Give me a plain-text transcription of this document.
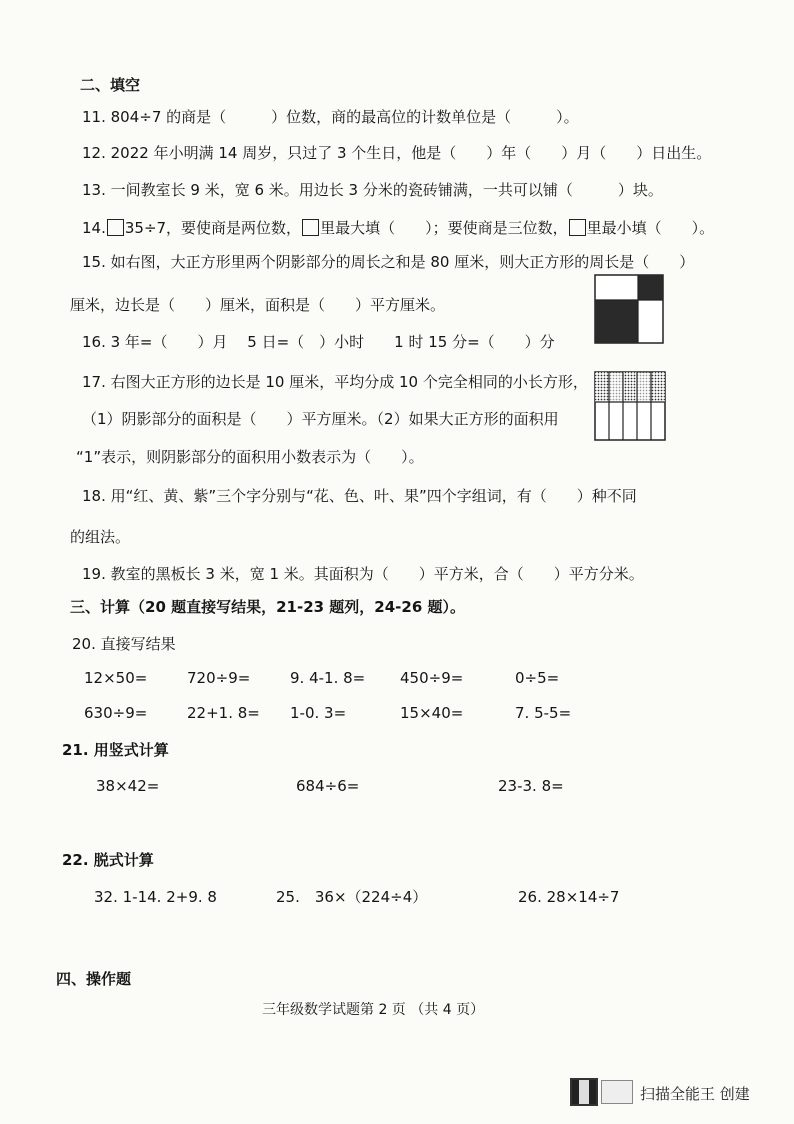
二、填空
11. 804÷7 的商是（　　　）位数，商的最高位的计数单位是（　　　）。
12. 2022 年小明满 14 周岁，只过了 3 个生日，他是（　　）年（　　）月（　　）日出生。
13. 一间教室长 9 米，宽 6 米。用边长 3 分米的瓷砖铺满，一共可以铺（　　　）块。
14. 35÷7，要使商是两位数， 里最大填（　　）；要使商是三位数， 里最小填（　　）。
15. 如右图，大正方形里两个阴影部分的周长之和是 80 厘米，则大正方形的周长是（　　）
厘米，边长是（　　）厘米，面积是（　　）平方厘米。
16. 3 年=（　　）月　 5 日=（　）小时　　1 时 15 分=（　　）分
17. 右图大正方形的边长是 10 厘米，平均分成 10 个完全相同的小长方形，
（1）阴影部分的面积是（　　）平方厘米。（2）如果大正方形的面积用
“1”表示，则阴影部分的面积用小数表示为（　　）。
18. 用“红、黄、紫”三个字分别与“花、色、叶、果”四个字组词，有（　　）种不同
的组法。
19. 教室的黑板长 3 米，宽 1 米。其面积为（　　）平方米，合（　　）平方分米。
三、计算（20 题直接写结果，21-23 题列，24-26 题）。
20. 直接写结果
12×50=	720÷9=	9. 4-1. 8= 450÷9=	0÷5=
630÷9=	22+1. 8= 1-0. 3=	15×40=	7. 5-5=
21. 用竖式计算
38×42=	684÷6=	23-3. 8=
22. 脱式计算
32. 1-14. 2+9. 8	25.　36×（224÷4）	26. 28×14÷7
四、操作题
三年级数学试题第 2 页 （共 4 页）
扫描全能王 创建
